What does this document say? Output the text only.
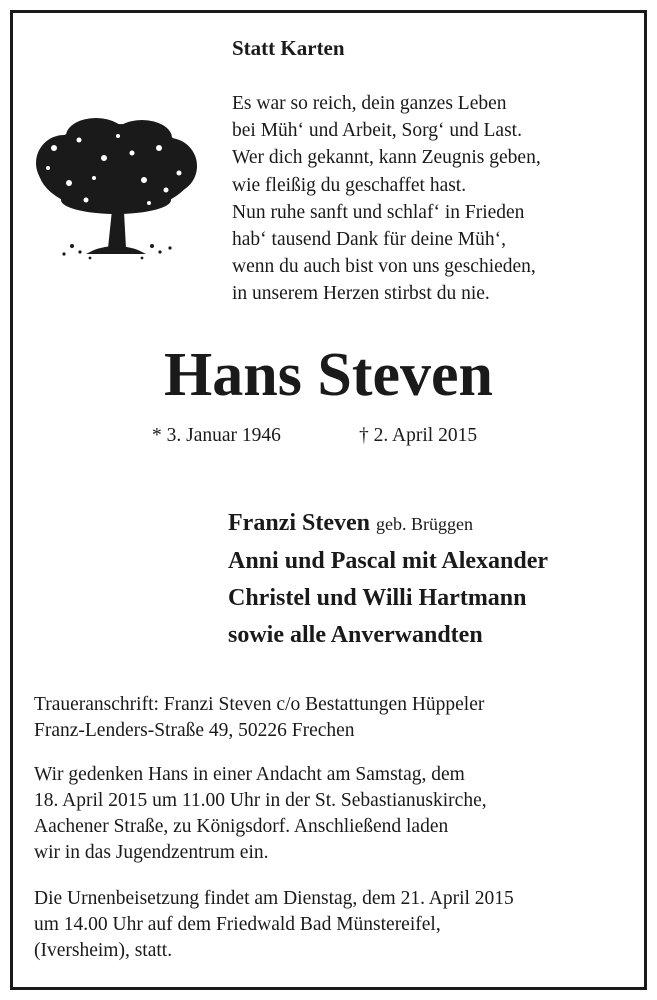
Statt Karten
Es war so reich, dein ganzes Leben
bei Müh‘ und Arbeit, Sorg‘ und Last.
Wer dich gekannt, kann Zeugnis geben,
wie fleißig du geschaffet hast.
Nun ruhe sanft und schlaf‘ in Frieden
hab‘ tausend Dank für deine Müh‘,
wenn du auch bist von uns geschieden,
in unserem Herzen stirbst du nie.
Hans Steven
* 3. Januar 1946	† 2. April 2015
Franzi Steven geb. Brüggen
Anni und Pascal mit Alexander
Christel und Willi Hartmann
sowie alle Anverwandten
Traueranschrift: Franzi Steven c/o Bestattungen Hüppeler
Franz-Lenders-Straße 49, 50226 Frechen
Wir gedenken Hans in einer Andacht am Samstag, dem
18. April 2015 um 11.00 Uhr in der St. Sebastianuskirche,
Aachener Straße, zu Königsdorf. Anschließend laden
wir in das Jugendzentrum ein.
Die Urnenbeisetzung findet am Dienstag, dem 21. April 2015
um 14.00 Uhr auf dem Friedwald Bad Münstereifel,
(Iversheim), statt.
